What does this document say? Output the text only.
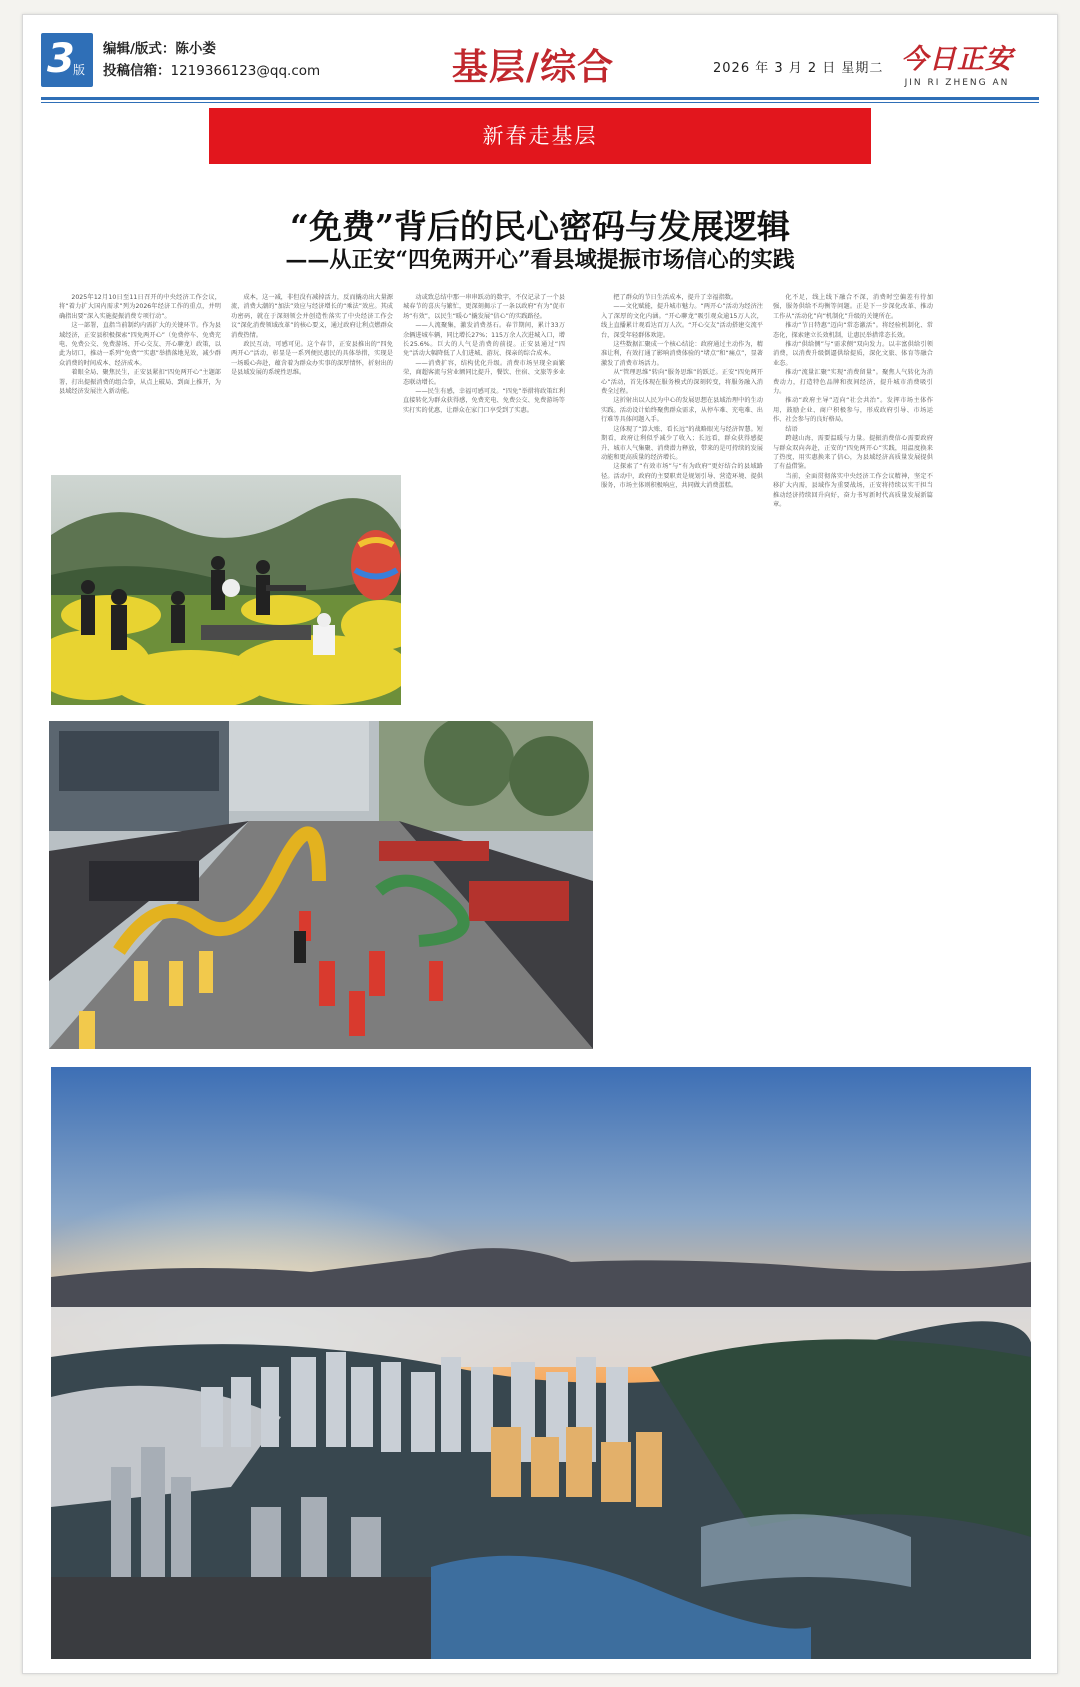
3
版
编辑/版式：陈小娄
投稿信箱：1219366123@qq.com	基层/综合	2026 年 3 月 2 日 星期二 今日正安
JIN RI ZHENG AN
新春走基层
“免费”背后的民心密码与发展逻辑
——从正安“四免两开心”看县域提振市场信心的实践

2025年12月10日至11日召开的中央经济工作会议，将“着力扩大国内需求”列为2026年经济工作的重点，并明确指出要“深入实施提振消费专项行动”。

这一部署，直指当前制约内需扩大的关键环节。作为县域经济，正安县积极探索“四免两开心”（免费停车、免费充电、免费公交、免费游场、开心交友、开心聊龙）政策，以此为切口，推动一系列“免费”“实惠”举措落地见效，减少群众消费的时间成本、经济成本。

着眼全局、聚焦民生，正安县紧扣“四免两开心”主题部署，打出提振消费的组合拳，从点上破局、到面上推开，为县域经济发展注入新动能。

成本，这一减，非但没有减掉活力，反而撬动出大量源流，消费大潮的“加法”效应与经济增长的“乘法”效应。其成功密码，就在于深刻领会并创造性落实了中央经济工作会议“深化消费领域改革”的核心要义，通过政府让利点燃群众消费热情。

政民互动，可感可见。这个春节，正安县推出的“四免两开心”活动，彰显是一系列便民惠民的具体举措，实现是一场暖心奔赴，蕴含着为群众办实事的深厚情怀，折射出的是县域发展的系统性思维。

动或致总结中那一串串跃动的数字，不仅记录了一个县城春节的喜庆与繁忙，更深刻揭示了一条以政府“有为”促市场“有效”，以民生“暖心”撬发展“信心”的实践路径。

——人流聚集，激发消费基石。春节期间，累计33万余辆进城车辆，同比增长27%；115万余人次进城入口，增长25.6%。巨大的人气是消费的前提。正安县通过“四免”活动大幅降低了人们进城、游玩、探亲的综合成本。

——消费扩容，结构优化升级。消费市场呈现全面繁荣，商超客流与营业额同比提升，餐饮、住宿、文旅等多业态联动增长。

——民生有感，幸福可感可及。“四免”举措将政策红利直接转化为群众获得感，免费充电、免费公交、免费游场等实打实的优惠，让群众在家门口享受到了实惠。

把了群众的节日生活成本，提升了幸福指数。

——文化赋能，提升城市魅力。“两开心”活动为经济注入了深厚的文化内涵。“开心聊龙”吸引观众逾15万人次，线上直播累计观看达百万人次。“开心交友”活动搭建交流平台，深受年轻群体欢迎。

这些数据汇聚成一个核心结论：政府通过主动作为，精准让利，有效打通了影响消费体验的“堵点”和“痛点”，显著激发了消费市场活力。

从“管理思维”转向“服务思维”的跃迁。正安“四免两开心”活动，首先体现在服务模式的深刻转变，将服务融入消费全过程。

这折射出以人民为中心的发展思想在县域治理中的生动实践。活动设计始终聚焦群众需求，从停车难、充电难、出行难等具体问题入手。

这体现了“算大账、看长远”的战略眼光与经济智慧。短期看，政府让利似乎减少了收入；长远看，群众获得感提升、城市人气集聚、消费潜力释放，带来的是可持续的发展动能和更高质量的经济增长。

这探索了“有效市场”与“有为政府”更好结合的县域路径。活动中，政府的主要职责是规划引导、营造环境、提供服务，市场主体则积极响应，共同做大消费蛋糕。

化不足，线上线下融合不深，消费时空偏差有待加强，服务供给不均衡等问题。正是下一步深化改革、推动工作从“活动化”向“机制化”升级的关键所在。

推动“节日特惠”迈向“常态激活”。将经验机制化、常态化，探索建立长效机制，让惠民举措常态长效。

推动“供给侧”与“需求侧”双向发力。以丰富供给引领消费，以消费升级倒逼供给提质，深化文旅、体育等融合业态。

推动“流量汇聚”实现“消费留量”。聚焦人气转化为消费动力，打造特色品牌和夜间经济，提升城市消费吸引力。

推动“政府主导”迈向“社会共治”。发挥市场主体作用，鼓励企业、商户积极参与，形成政府引导、市场运作、社会参与的良好格局。

结语

跨越山海，需要温暖与力量。提振消费信心需要政府与群众双向奔赴，正安的“四免两开心”实践，用温度换来了热度，用实惠换来了信心，为县域经济高质量发展提供了有益借鉴。

当前，全面贯彻落实中央经济工作会议精神，坚定不移扩大内需，县域作为重要战场，正安将持续以实干担当推动经济持续回升向好，奋力书写新时代高质量发展新篇章。
